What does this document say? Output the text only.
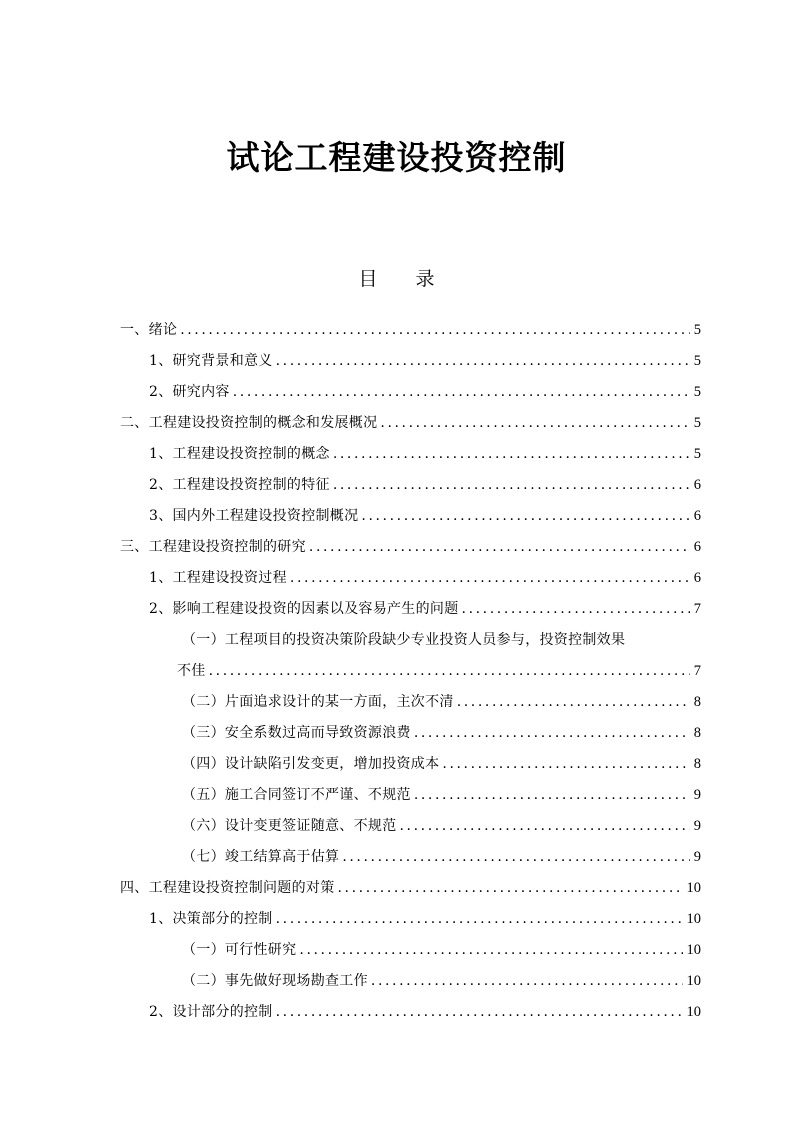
试论工程建设投资控制
目 录
一、绪论 .....	5
1、研究背景和意义 .....	5
2、研究内容 .....	5
二、工程建设投资控制的概念和发展概况 .....	5
1、工程建设投资控制的概念 .....	5
2、工程建设投资控制的特征 .....	6
3、国内外工程建设投资控制概况 .....	6
三、工程建设投资控制的研究 .....	6
1、工程建设投资过程 .....	6
2、影响工程建设投资的因素以及容易产生的问题 .....	7
（一）工程项目的投资决策阶段缺少专业投资人员参与，投资控制效果
不佳 .....	7
（二）片面追求设计的某一方面，主次不清 .....	8
（三）安全系数过高而导致资源浪费 .....	8
（四）设计缺陷引发变更，增加投资成本 .....	8
（五）施工合同签订不严谨、不规范 .....	9
（六）设计变更签证随意、不规范 .....	9
（七）竣工结算高于估算 .....	9
四、工程建设投资控制问题的对策 .....	10
1、决策部分的控制 .....	10
（一）可行性研究 .....	10
（二）事先做好现场勘查工作 .....	10
2、设计部分的控制 .....	10
